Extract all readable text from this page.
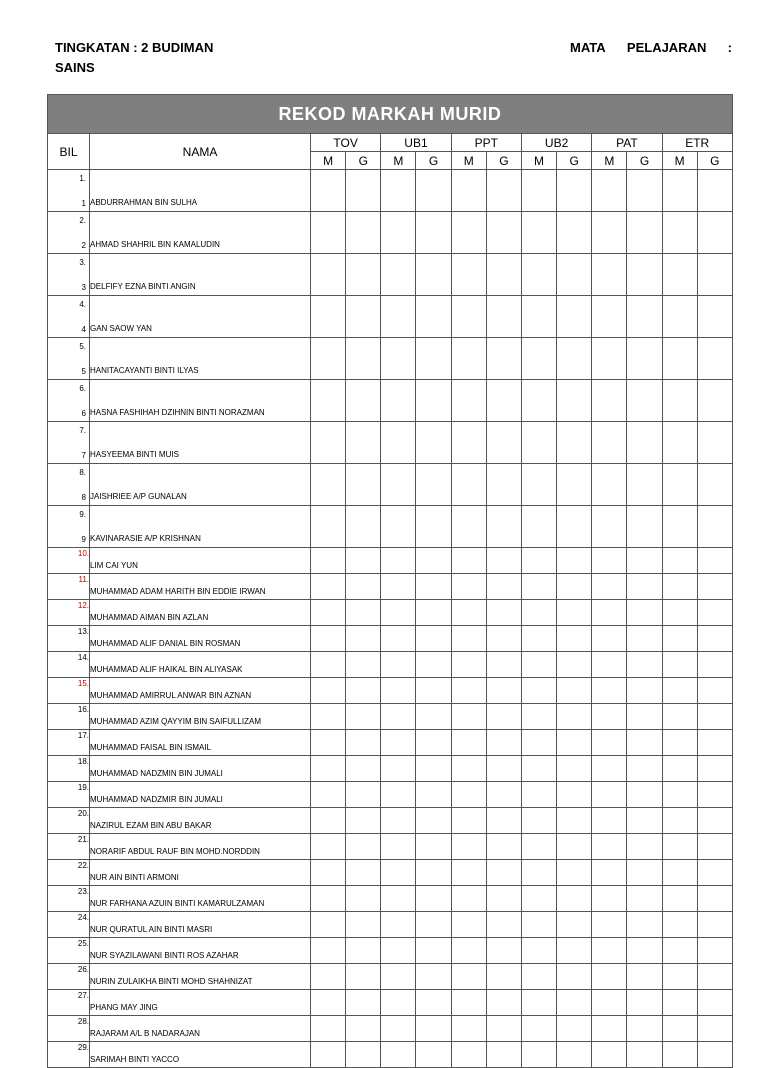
TINGKATAN : 2 BUDIMAN
SAINS
MATA PELAJARAN :
REKOD MARKAH MURID													
BIL	NAMA	TOV		UB1		PPT		UB2		PAT		ETR	
		M	G	M	G	M	G	M	G	M	G	M	G

1.
1	ABDURRAHMAN BIN SULHA												

2.
2	AHMAD SHAHRIL BIN KAMALUDIN												

3.
3	DELFIFY EZNA BINTI ANGIN												

4.
4	GAN SAOW YAN												

5.
5	HANITACAYANTI BINTI ILYAS												

6.
6	HASNA FASHIHAH DZIHNIN BINTI NORAZMAN												

7.
7	HASYEEMA BINTI MUIS												

8.
8	JAISHRIEE A/P GUNALAN												

9.
9	KAVINARASIE A/P KRISHNAN												
10.	LIM CAI YUN												
11.	MUHAMMAD ADAM HARITH BIN EDDIE IRWAN												
12.	MUHAMMAD AIMAN BIN AZLAN												
13.	MUHAMMAD ALIF DANIAL BIN ROSMAN												
14.	MUHAMMAD ALIF HAIKAL BIN ALIYASAK												
15.	MUHAMMAD AMIRRUL ANWAR BIN AZNAN												
16.	MUHAMMAD AZIM QAYYIM BIN SAIFULLIZAM												
17.	MUHAMMAD FAISAL BIN ISMAIL												
18.	MUHAMMAD NADZMIN BIN JUMALI												
19.	MUHAMMAD NADZMIR BIN JUMALI												
20.	NAZIRUL EZAM BIN ABU BAKAR												
21.	NORARIF ABDUL RAUF BIN MOHD.NORDDIN												
22.	NUR AIN BINTI ARMONI												
23.	NUR FARHANA AZUIN BINTI KAMARULZAMAN												
24.	NUR QURATUL AIN BINTI MASRI												
25.	NUR SYAZILAWANI BINTI ROS AZAHAR												
26.	NURIN ZULAIKHA BINTI MOHD SHAHNIZAT												
27.	PHANG MAY JING												
28.	RAJARAM A/L B NADARAJAN												
29.	SARIMAH BINTI YACCO												
